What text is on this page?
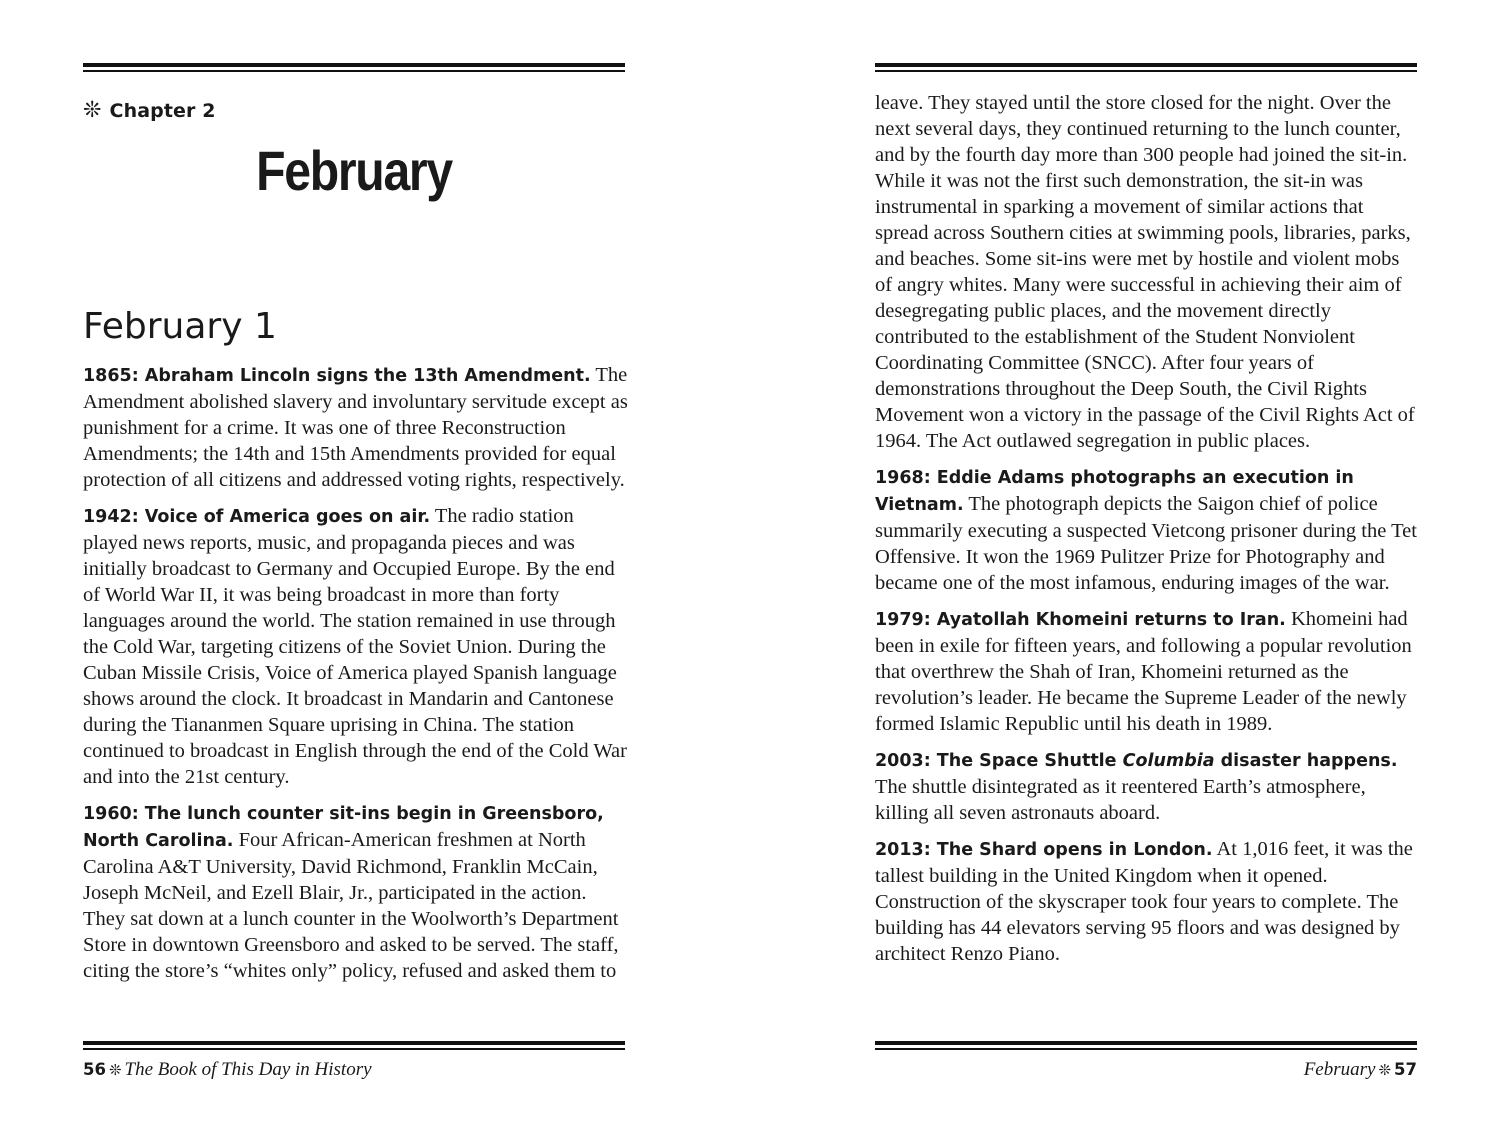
❊ Chapter 2
February
February 1

1865: Abraham Lincoln signs the 13th Amendment. The Amendment abolished slavery and involuntary servitude except as punishment for a crime. It was one of three Reconstruction Amendments; the 14th and 15th Amendments provided for equal protection of all citizens and addressed voting rights, respectively.

1942: Voice of America goes on air. The radio station played news reports, music, and propaganda pieces and was initially broadcast to Germany and Occupied Europe. By the end of World War II, it was being broadcast in more than forty languages around the world. The station remained in use through the Cold War, targeting citizens of the Soviet Union. During the Cuban Missile Crisis, Voice of America played Spanish language shows around the clock. It broadcast in Mandarin and Cantonese during the Tiananmen Square uprising in China. The station continued to broadcast in English through the end of the Cold War and into the 21st century.

1960: The lunch counter sit-ins begin in Greensboro, North Carolina. Four African-American freshmen at North Carolina A&T University, David Richmond, Franklin McCain, Joseph McNeil, and Ezell Blair, Jr., participated in the action. They sat down at a lunch counter in the Woolworth’s Department Store in downtown Greensboro and asked to be served. The staff, citing the store’s “whites only” policy, refused and asked them to

56 ❊ The Book of This Day in History

leave. They stayed until the store closed for the night. Over the next several days, they continued returning to the lunch counter, and by the fourth day more than 300 people had joined the sit-in. While it was not the first such demonstration, the sit-in was instrumental in sparking a movement of similar actions that spread across Southern cities at swimming pools, libraries, parks, and beaches. Some sit-ins were met by hostile and violent mobs of angry whites. Many were successful in achieving their aim of desegregating public places, and the movement directly contributed to the establishment of the Student Nonviolent Coordinating Committee (SNCC). After four years of demonstrations throughout the Deep South, the Civil Rights Movement won a victory in the passage of the Civil Rights Act of 1964. The Act outlawed segregation in public places.

1968: Eddie Adams photographs an execution in Vietnam. The photograph depicts the Saigon chief of police summarily executing a suspected Vietcong prisoner during the Tet Offensive. It won the 1969 Pulitzer Prize for Photography and became one of the most infamous, enduring images of the war.

1979: Ayatollah Khomeini returns to Iran. Khomeini had been in exile for fifteen years, and following a popular revolution that overthrew the Shah of Iran, Khomeini returned as the revolution’s leader. He became the Supreme Leader of the newly formed Islamic Republic until his death in 1989.

2003: The Space Shuttle Columbia disaster happens. The shuttle disintegrated as it reentered Earth’s atmosphere, killing all seven astronauts aboard.

2013: The Shard opens in London. At 1,016 feet, it was the tallest building in the United Kingdom when it opened. Construction of the skyscraper took four years to complete. The building has 44 elevators serving 95 floors and was designed by architect Renzo Piano.

February ❊ 57
